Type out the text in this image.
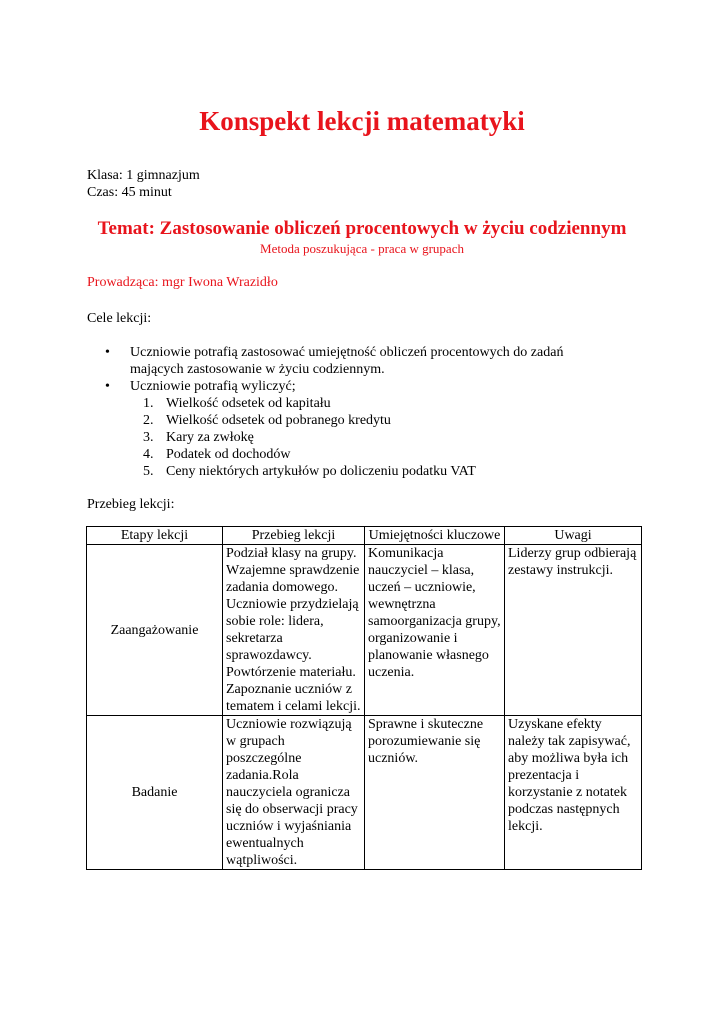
Konspekt lekcji matematyki
Klasa: 1 gimnazjum
Czas: 45 minut
Temat: Zastosowanie obliczeń procentowych w życiu codziennym
Metoda poszukująca - praca w grupach
Prowadząca: mgr Iwona Wrazidło
Cele lekcji:
• Uczniowie potrafią zastosować umiejętność obliczeń procentowych do zadań mających zastosowanie w życiu codziennym.
• Uczniowie potrafią wyliczyć;
1. Wielkość odsetek od kapitału
2. Wielkość odsetek od pobranego kredytu
3. Kary za zwłokę
4. Podatek od dochodów
5. Ceny niektórych artykułów po doliczeniu podatku VAT
Przebieg lekcji:
Etapy lekcji	Przebieg lekcji	Umiejętności kluczowe	Uwagi
Zaangażowanie	Podział klasy na grupy. Wzajemne sprawdzenie zadania domowego. Uczniowie przydzielają sobie role: lidera, sekretarza sprawozdawcy. Powtórzenie materiału. Zapoznanie uczniów z tematem i celami lekcji.	Komunikacja nauczyciel – klasa, uczeń – uczniowie, wewnętrzna samoorganizacja grupy, organizowanie i planowanie własnego uczenia.	Liderzy grup odbierają zestawy instrukcji.
Badanie	Uczniowie rozwiązują w grupach poszczególne zadania.Rola nauczyciela ogranicza się do obserwacji pracy uczniów i wyjaśniania ewentualnych wątpliwości.	Sprawne i skuteczne porozumiewanie się uczniów.	Uzyskane efekty należy tak zapisywać, aby możliwa była ich prezentacja i korzystanie z notatek podczas następnych lekcji.
